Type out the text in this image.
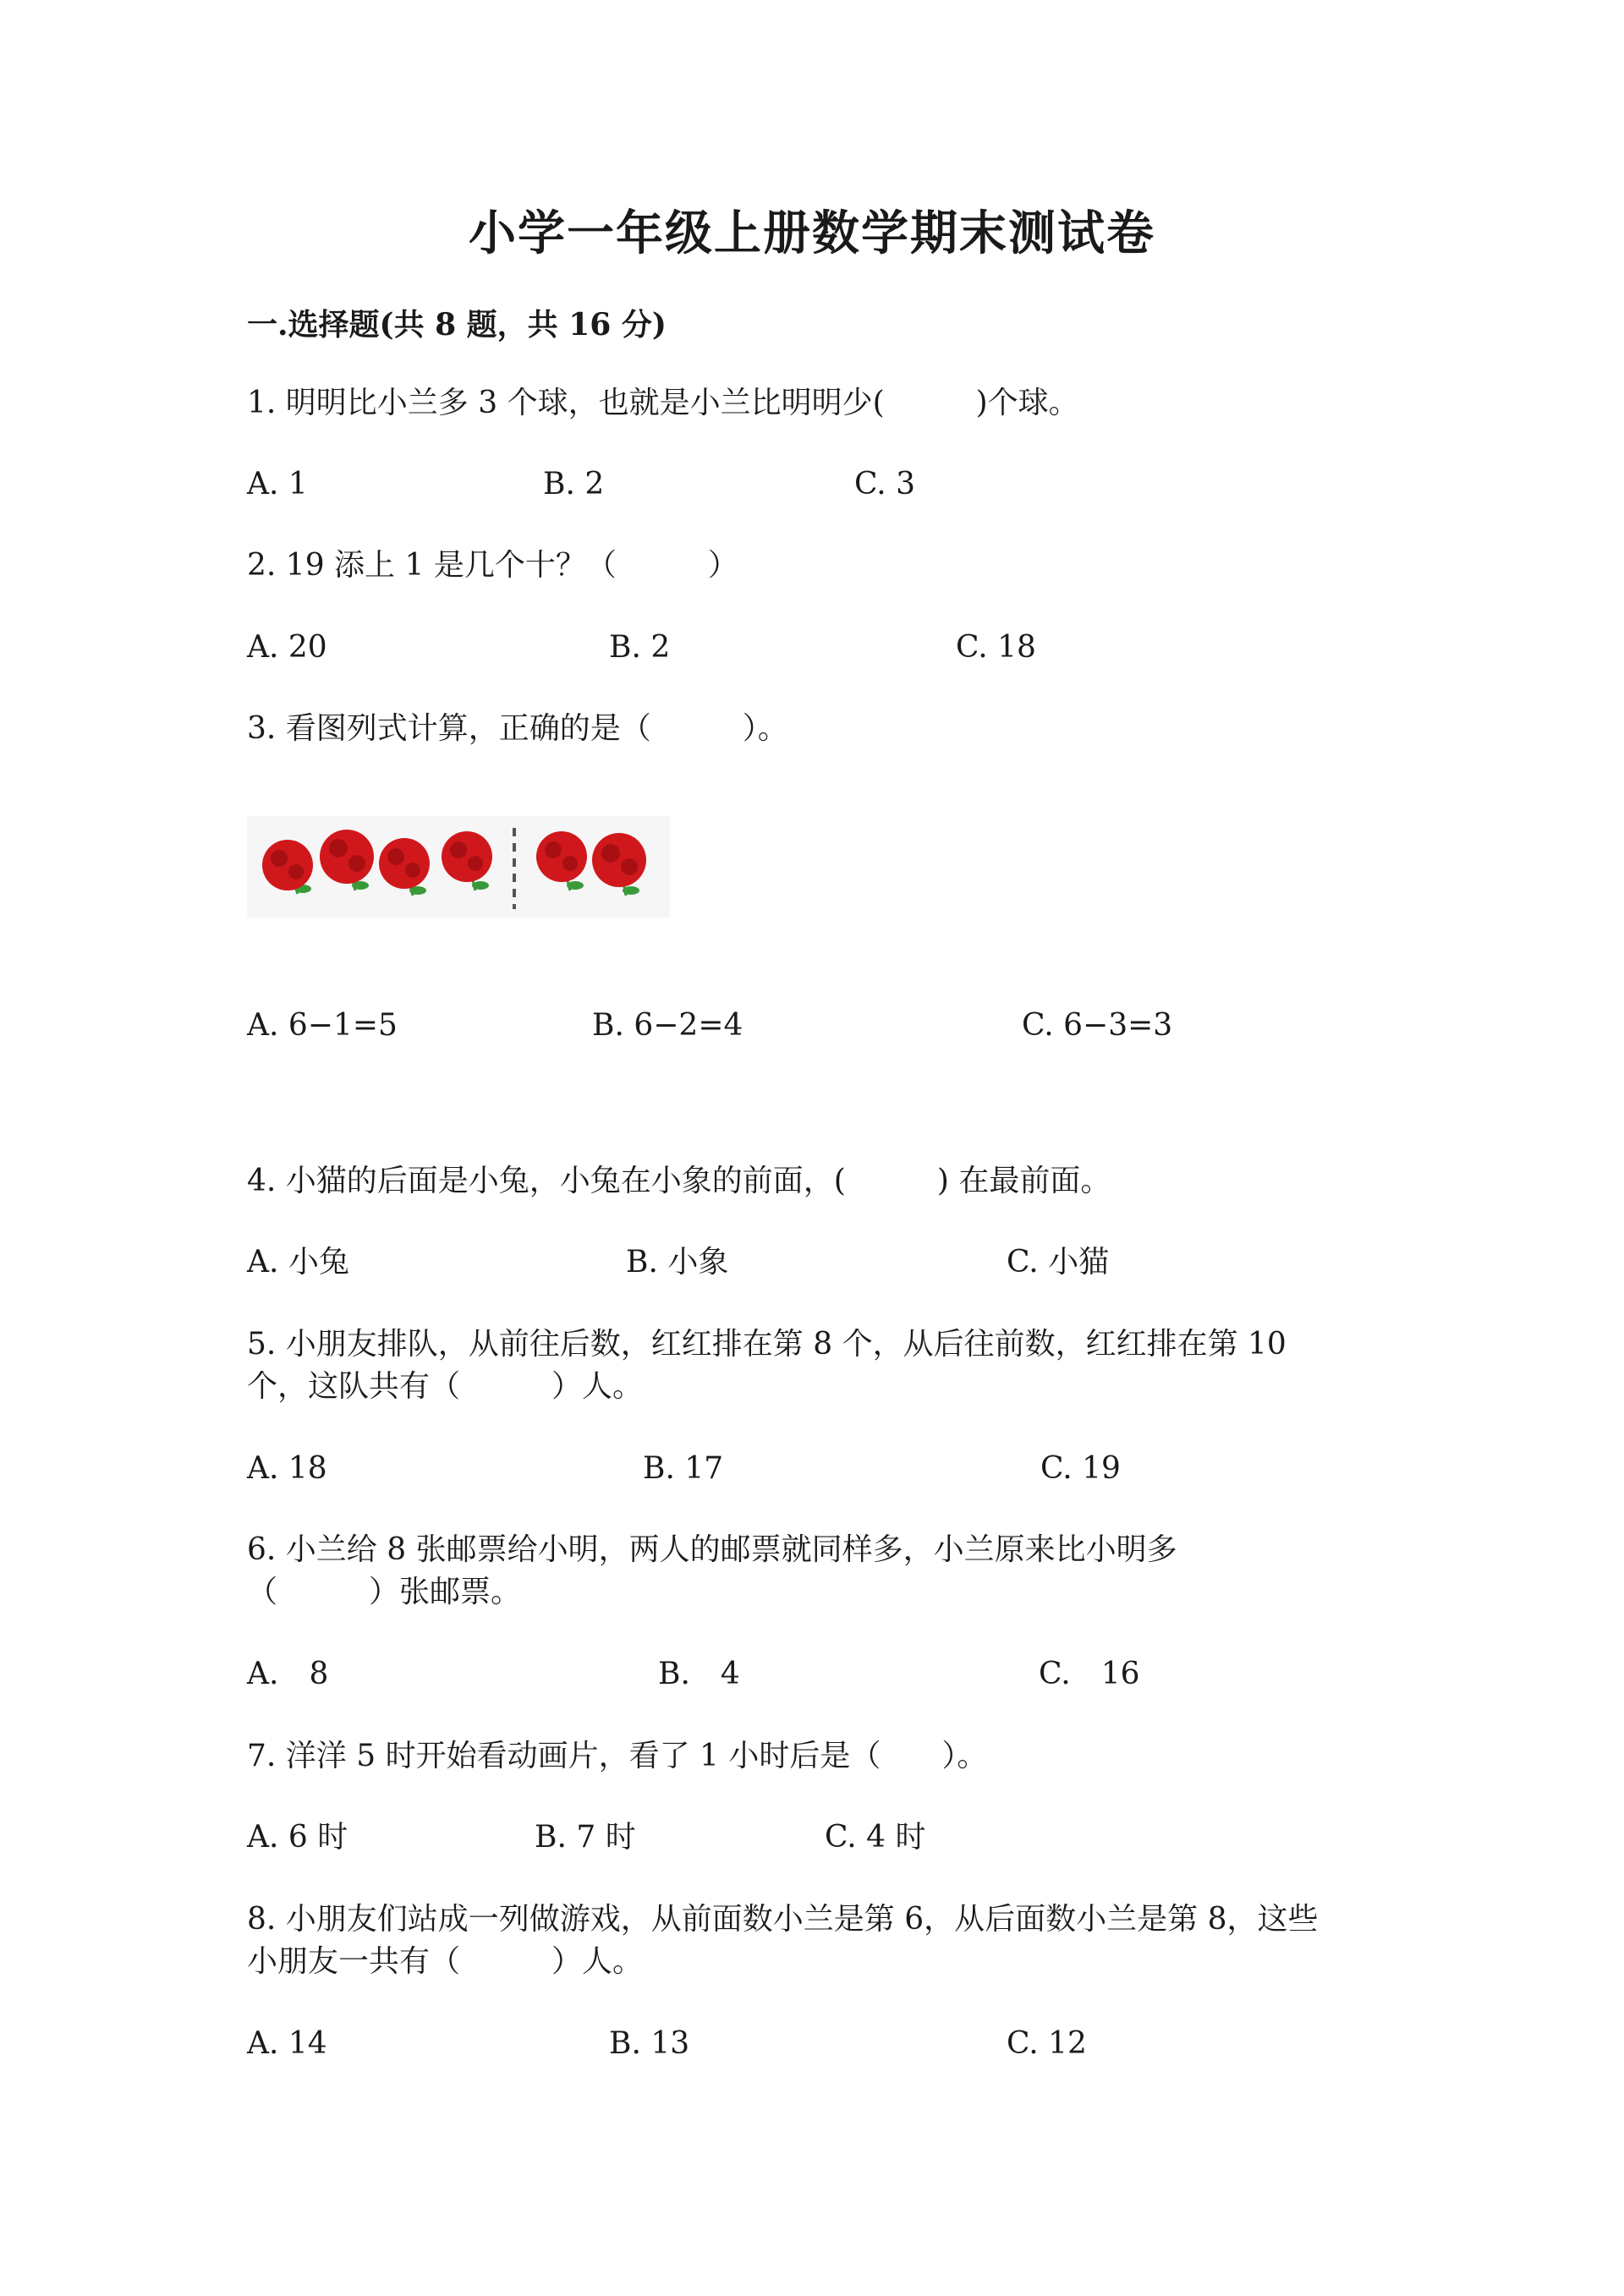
小学一年级上册数学期末测试卷
一.选择题(共 8 题，共 16 分)
1. 明明比小兰多 3 个球，也就是小兰比明明少(　　　)个球。
A. 1	B. 2	C. 3
2. 19 添上 1 是几个十？（　　　）
A. 20	B. 2	C. 18
3. 看图列式计算，正确的是（　　　）。
A. 6−1=5	B. 6−2=4	C. 6−3=3
4. 小猫的后面是小兔，小兔在小象的前面，(　　　) 在最前面。
A. 小兔	B. 小象	C. 小猫
5. 小朋友排队，从前往后数，红红排在第 8 个，从后往前数，红红排在第 10
个，这队共有（　　　）人。
A. 18	B. 17	C. 19
6. 小兰给 8 张邮票给小明，两人的邮票就同样多，小兰原来比小明多
（　　　）张邮票。
A.　8	B.　4	C.　16
7. 洋洋 5 时开始看动画片，看了 1 小时后是（　　）。
A. 6 时	B. 7 时	C. 4 时
8. 小朋友们站成一列做游戏，从前面数小兰是第 6，从后面数小兰是第 8，这些
小朋友一共有（　　　）人。
A. 14	B. 13	C. 12
